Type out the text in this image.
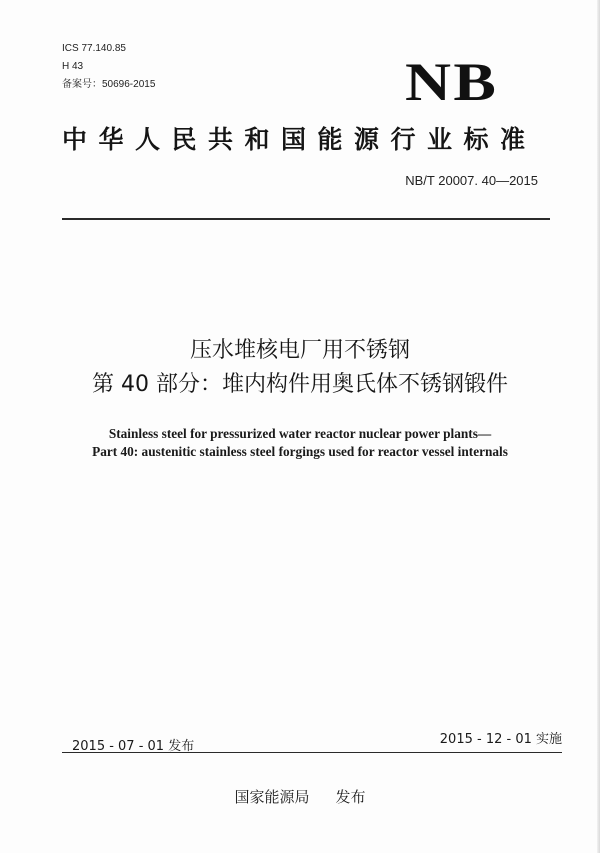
ICS 77.140.85
H 43
备案号：50696-2015	NB
中华人民共和国能源行业标准
NB/T 20007. 40—2015
压水堆核电厂用不锈钢
第 40 部分：堆内构件用奥氏体不锈钢锻件
Stainless steel for pressurized water reactor nuclear power plants—
Part 40: austenitic stainless steel forgings used for reactor vessel internals
2015 - 07 - 01 发布	2015 - 12 - 01 实施
国家能源局 发布
